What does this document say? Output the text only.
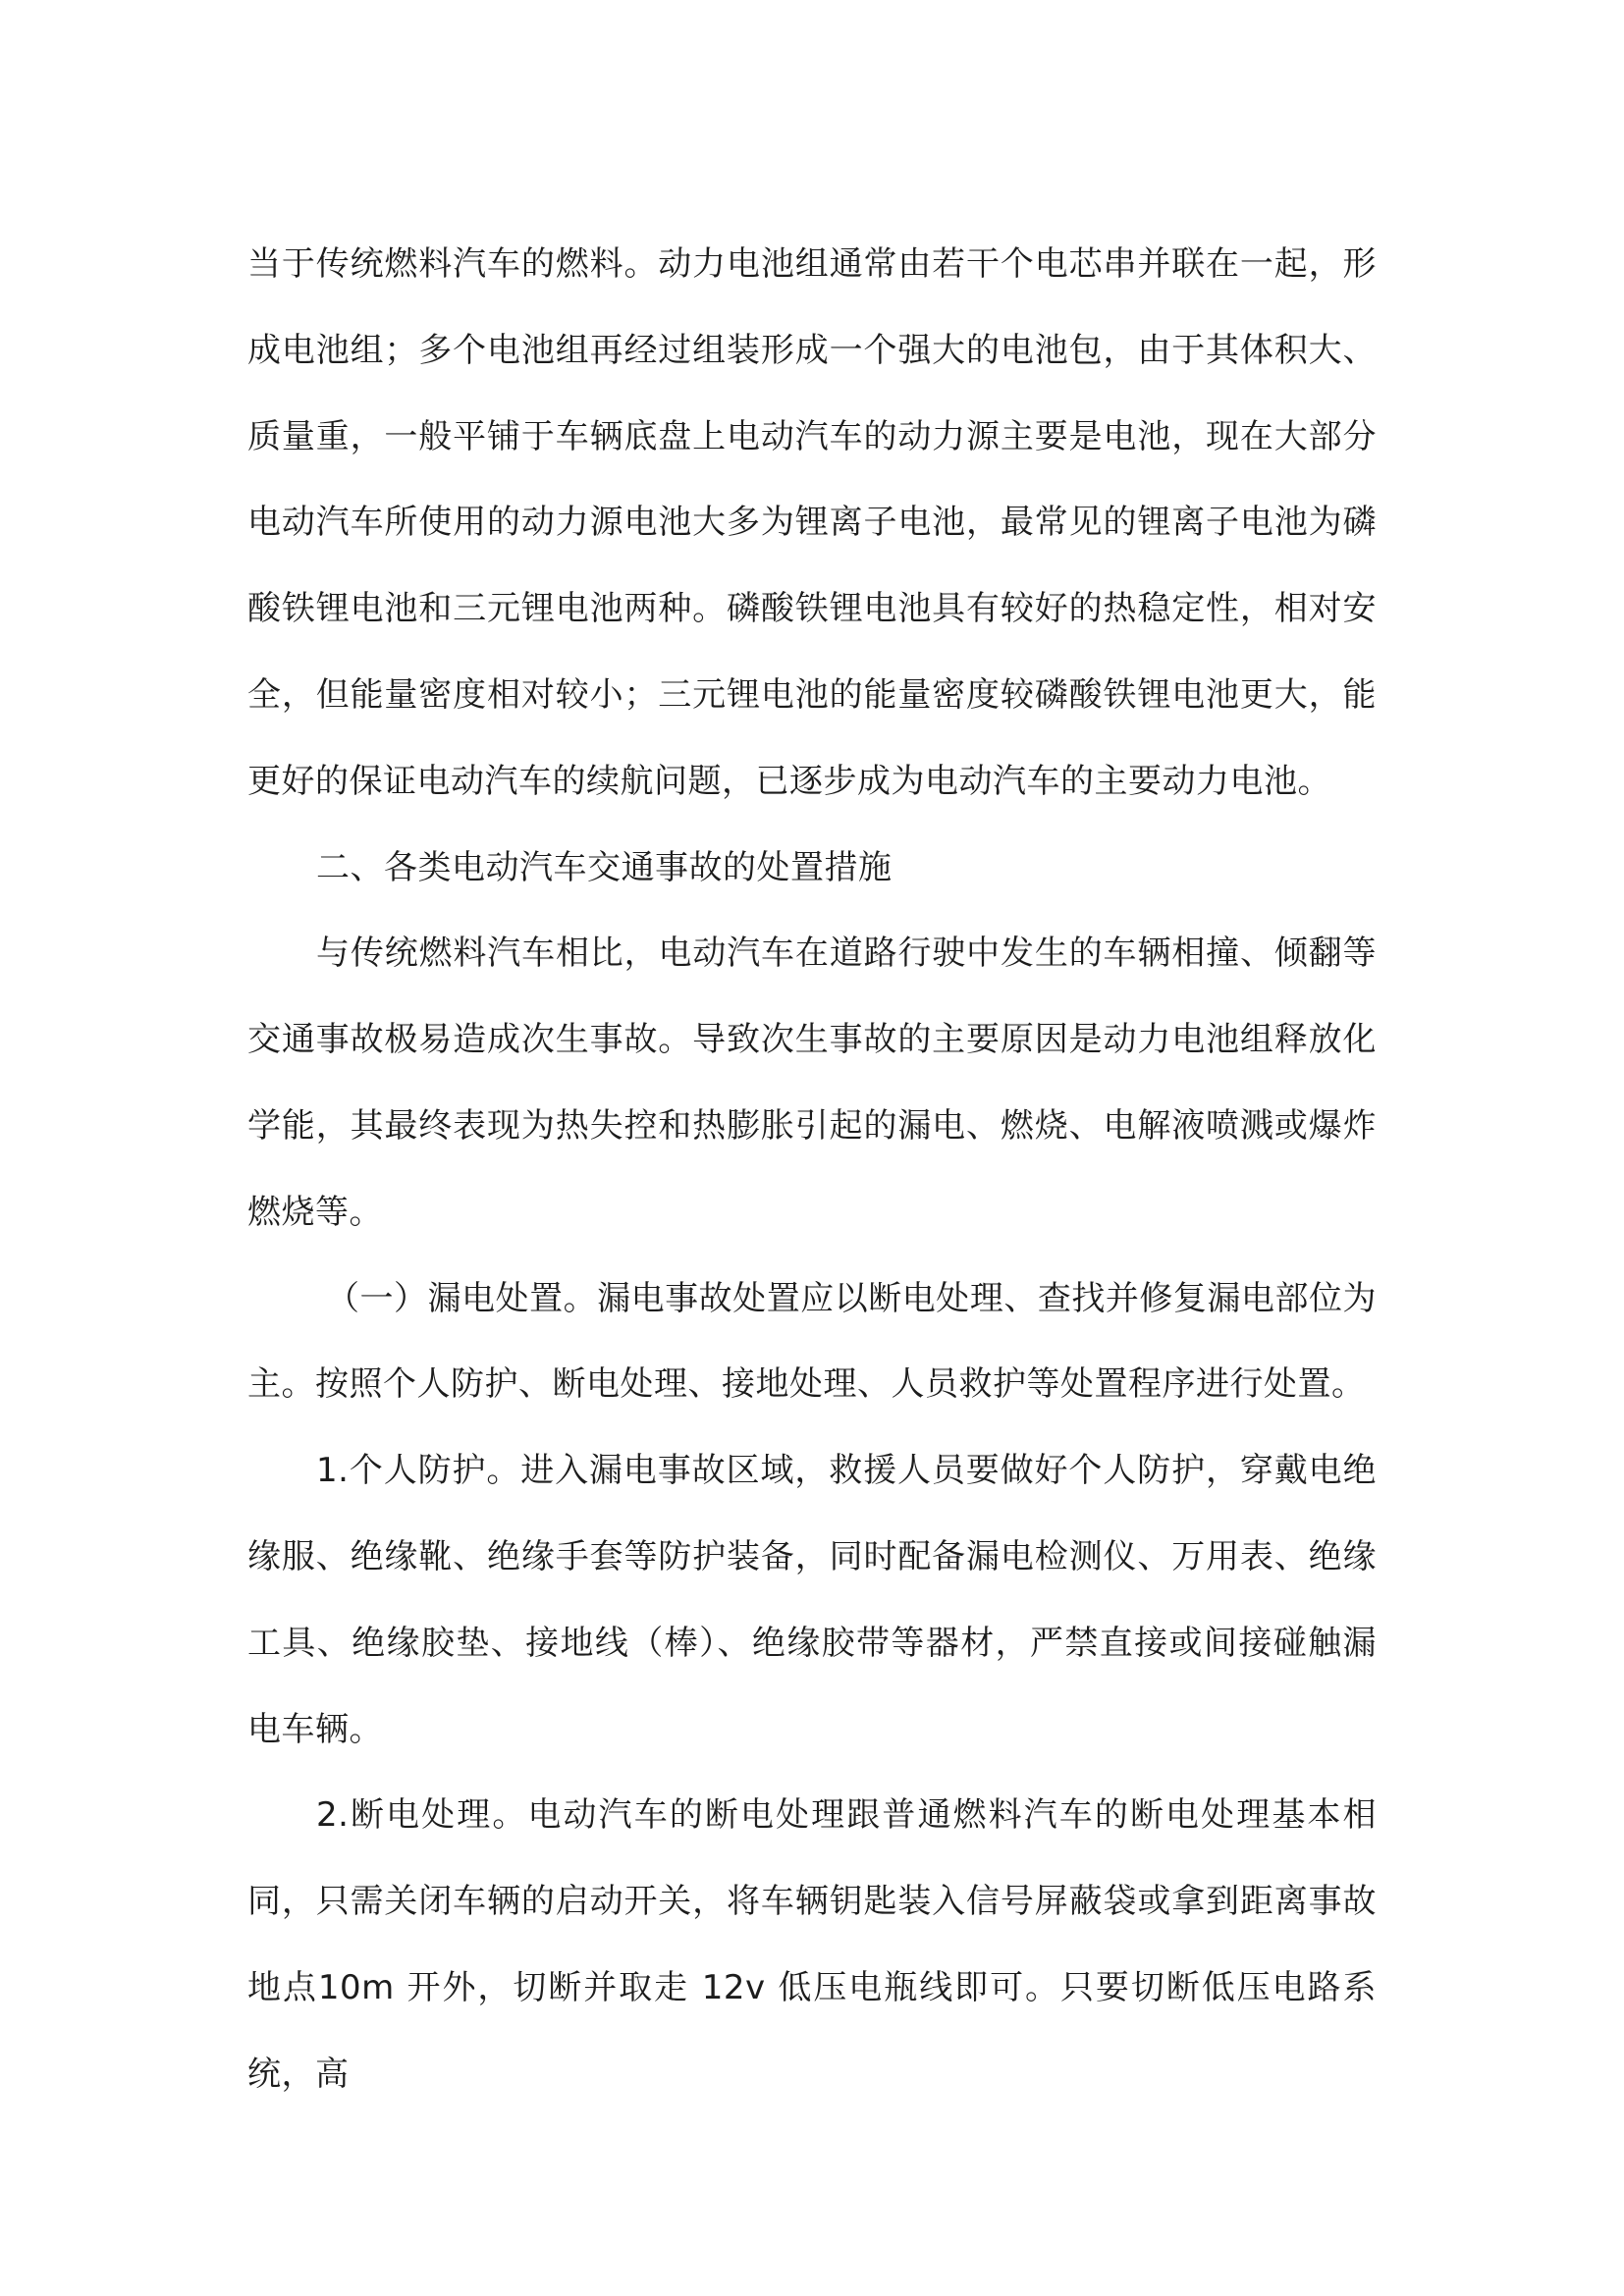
当于传统燃料汽车的燃料。动力电池组通常由若干个电芯串并联在一起，形成电池组；多个电池组再经过组装形成一个强大的电池包，由于其体积大、质量重，一般平铺于车辆底盘上电动汽车的动力源主要是电池，现在大部分电动汽车所使用的动力源电池大多为锂离子电池，最常见的锂离子电池为磷酸铁锂电池和三元锂电池两种。磷酸铁锂电池具有较好的热稳定性，相对安全，但能量密度相对较小；三元锂电池的能量密度较磷酸铁锂电池更大，能更好的保证电动汽车的续航问题，已逐步成为电动汽车的主要动力电池。

二、各类电动汽车交通事故的处置措施

与传统燃料汽车相比，电动汽车在道路行驶中发生的车辆相撞、倾翻等交通事故极易造成次生事故。导致次生事故的主要原因是动力电池组释放化学能，其最终表现为热失控和热膨胀引起的漏电、燃烧、电解液喷溅或爆炸燃烧等。

（一）漏电处置。漏电事故处置应以断电处理、查找并修复漏电部位为主。按照个人防护、断电处理、接地处理、人员救护等处置程序进行处置。

1.个人防护。进入漏电事故区域，救援人员要做好个人防护，穿戴电绝缘服、绝缘靴、绝缘手套等防护装备，同时配备漏电检测仪、万用表、绝缘工具、绝缘胶垫、接地线（棒）、绝缘胶带等器材，严禁直接或间接碰触漏电车辆。

2.断电处理。电动汽车的断电处理跟普通燃料汽车的断电处理基本相同，只需关闭车辆的启动开关，将车辆钥匙装入信号屏蔽袋或拿到距离事故地点10m 开外，切断并取走 12v 低压电瓶线即可。只要切断低压电路系统，高
